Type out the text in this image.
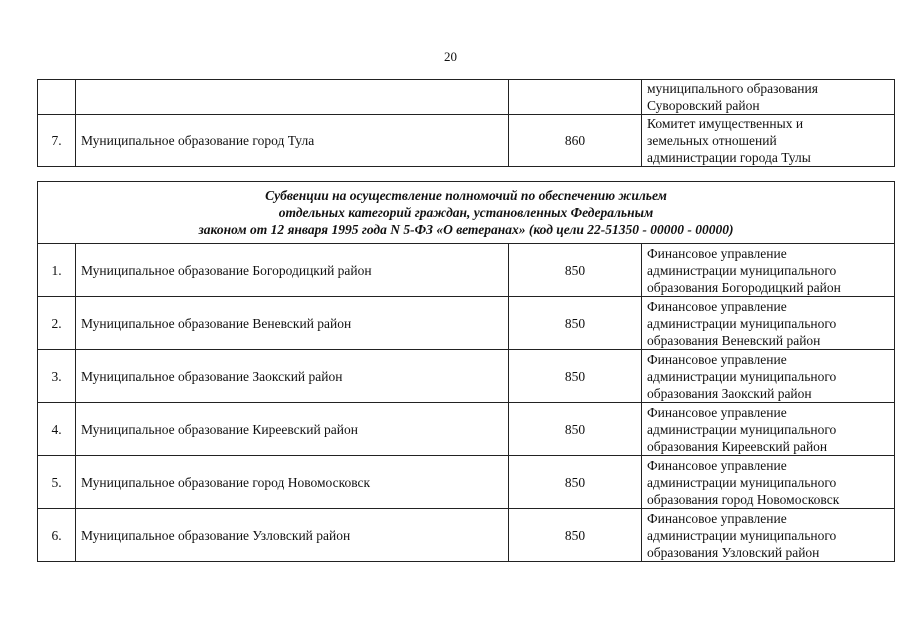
20

			муниципального образования
Суворовский район

7.	Муниципальное образование город Тула	860	Комитет имущественных и
земельных отношений
администрации города Тулы
Субвенции на осуществление полномочий по обеспечению жильем
отдельных категорий граждан, установленных Федеральным
законом от 12 января 1995 года N 5-ФЗ «О ветеранах» (код цели 22-51350 - 00000 - 00000)			

1.	Муниципальное образование Богородицкий район	850	Финансовое управление
администрации муниципального
образования Богородицкий район

2.	Муниципальное образование Веневский район	850	Финансовое управление
администрации муниципального
образования Веневский район

3.	Муниципальное образование Заокский район	850	Финансовое управление
администрации муниципального
образования Заокский район

4.	Муниципальное образование Киреевский район	850	Финансовое управление
администрации муниципального
образования Киреевский район

5.	Муниципальное образование город Новомосковск	850	Финансовое управление
администрации муниципального
образования город Новомосковск

6.	Муниципальное образование Узловский район	850	Финансовое управление
администрации муниципального
образования Узловский район
